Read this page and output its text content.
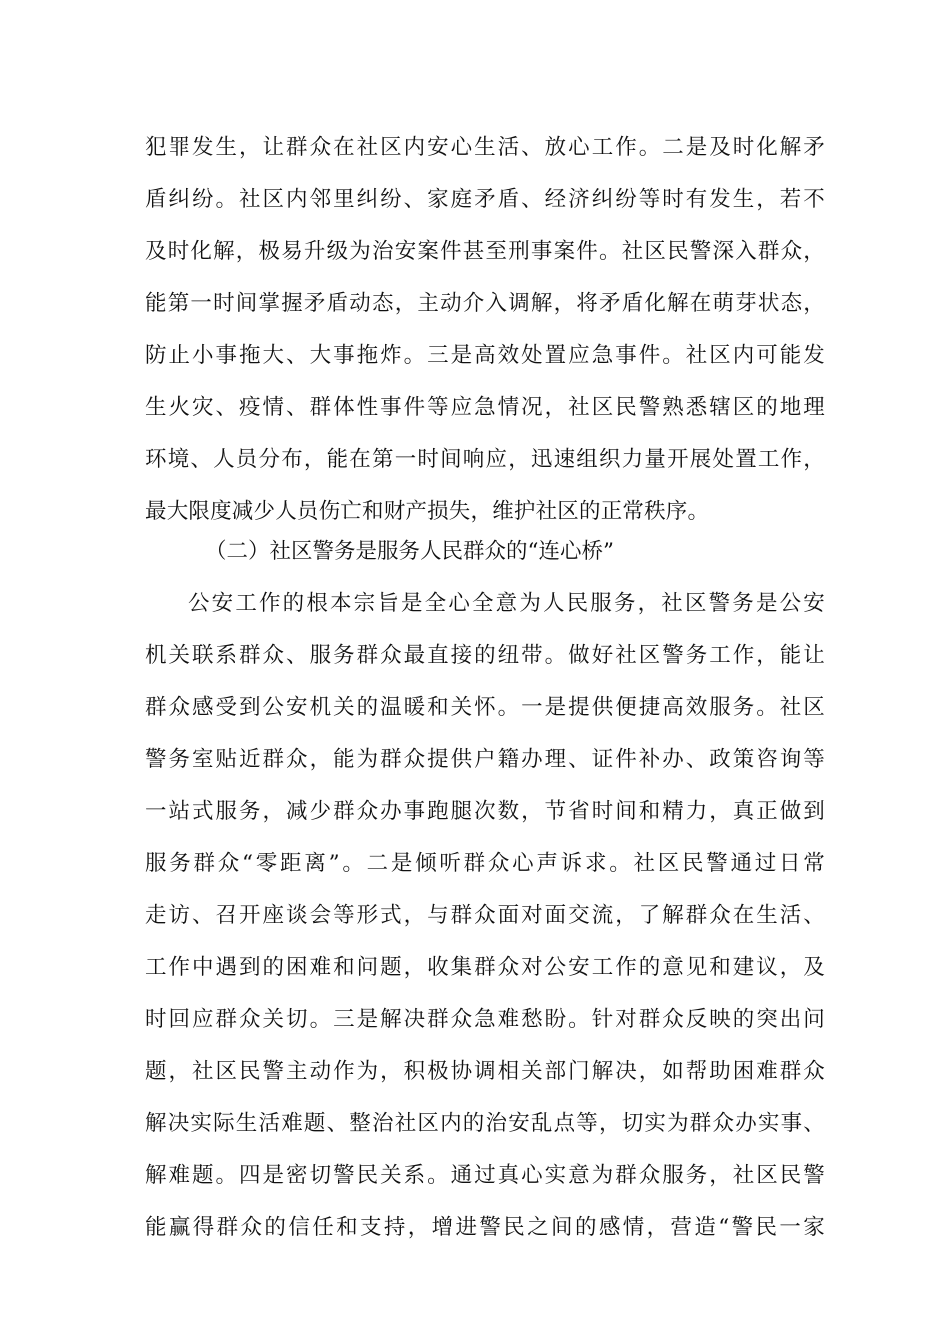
犯罪发生，让群众在社区内安心生活、放心工作。二是及时化解矛
盾纠纷。社区内邻里纠纷、家庭矛盾、经济纠纷等时有发生，若不
及时化解，极易升级为治安案件甚至刑事案件。社区民警深入群众，
能第一时间掌握矛盾动态，主动介入调解，将矛盾化解在萌芽状态，
防止小事拖大、大事拖炸。三是高效处置应急事件。社区内可能发
生火灾、疫情、群体性事件等应急情况，社区民警熟悉辖区的地理
环境、人员分布，能在第一时间响应，迅速组织力量开展处置工作，
最大限度减少人员伤亡和财产损失，维护社区的正常秩序。
（二）社区警务是服务人民群众的“连心桥”
公安工作的根本宗旨是全心全意为人民服务，社区警务是公安
机关联系群众、服务群众最直接的纽带。做好社区警务工作，能让
群众感受到公安机关的温暖和关怀。一是提供便捷高效服务。社区
警务室贴近群众，能为群众提供户籍办理、证件补办、政策咨询等
一站式服务，减少群众办事跑腿次数，节省时间和精力，真正做到
服务群众“零距离”。二是倾听群众心声诉求。社区民警通过日常
走访、召开座谈会等形式，与群众面对面交流，了解群众在生活、
工作中遇到的困难和问题，收集群众对公安工作的意见和建议，及
时回应群众关切。三是解决群众急难愁盼。针对群众反映的突出问
题，社区民警主动作为，积极协调相关部门解决，如帮助困难群众
解决实际生活难题、整治社区内的治安乱点等，切实为群众办实事、
解难题。四是密切警民关系。通过真心实意为群众服务，社区民警
能赢得群众的信任和支持，增进警民之间的感情，营造“警民一家
